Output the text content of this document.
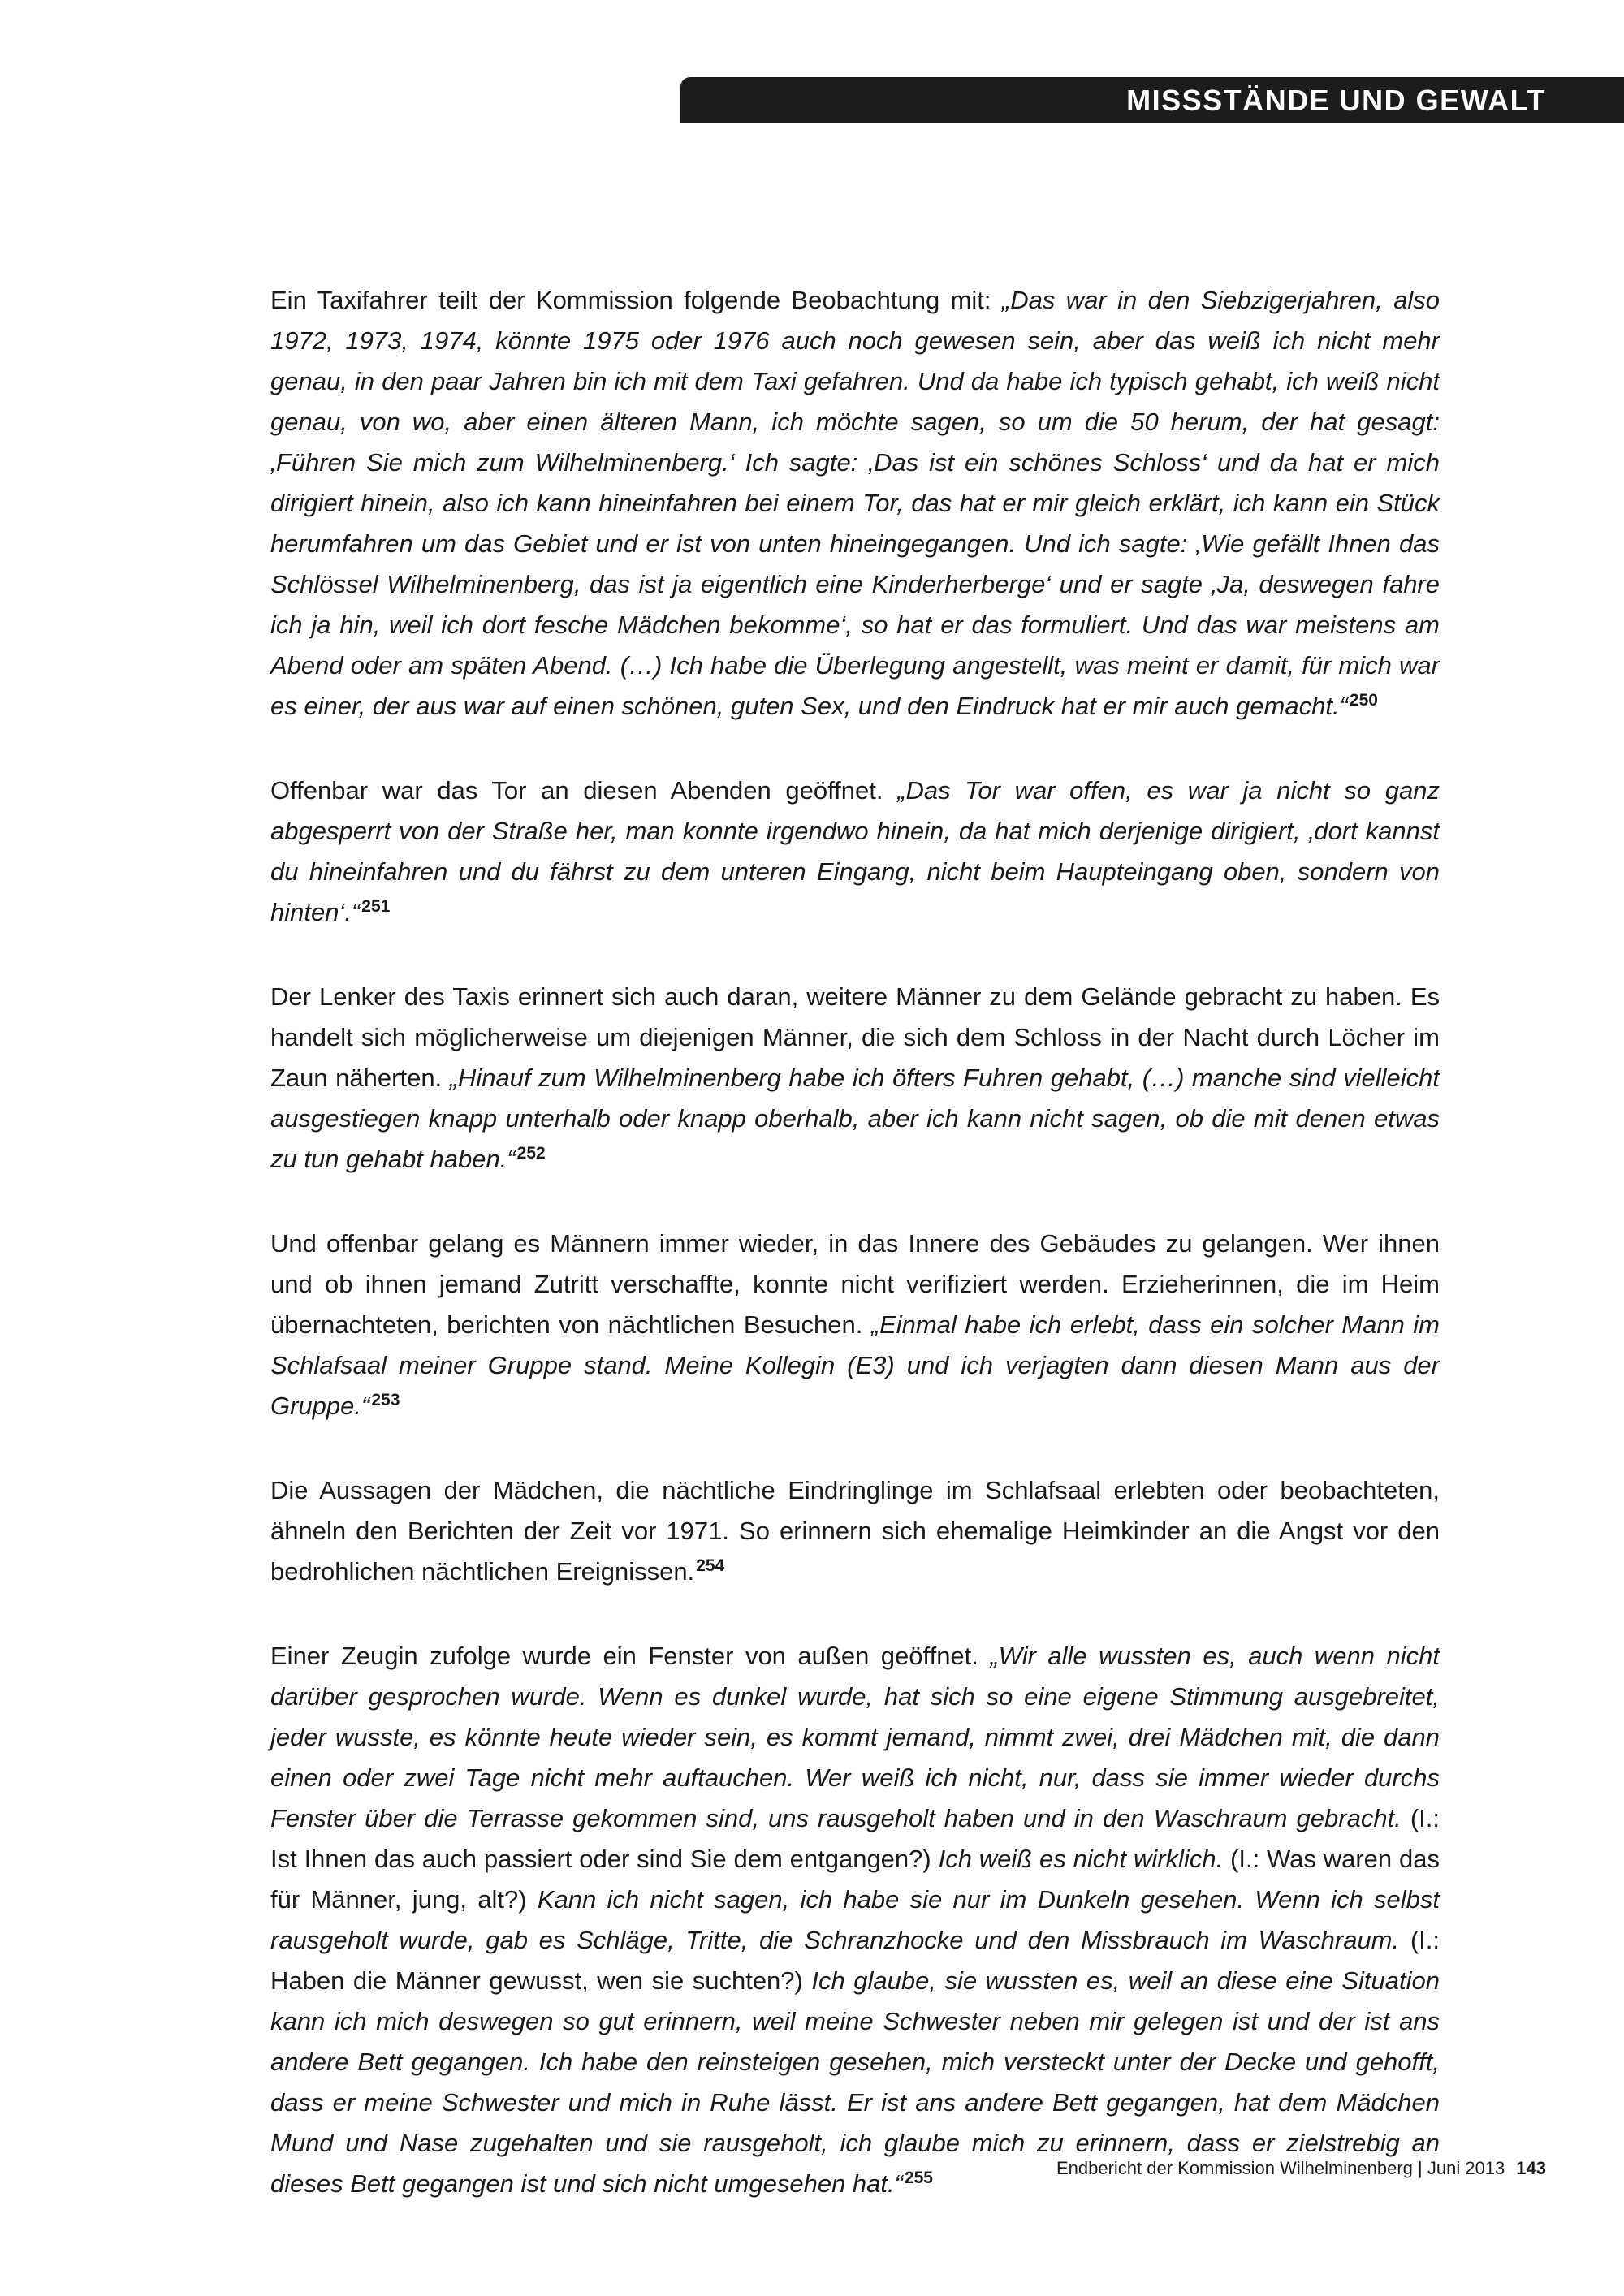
MISSSTÄNDE UND GEWALT

Ein Taxifahrer teilt der Kommission folgende Beobachtung mit: „Das war in den Siebzigerjahren, also 1972, 1973, 1974, könnte 1975 oder 1976 auch noch gewesen sein, aber das weiß ich nicht mehr genau, in den paar Jahren bin ich mit dem Taxi gefahren. Und da habe ich typisch gehabt, ich weiß nicht genau, von wo, aber einen älteren Mann, ich möchte sagen, so um die 50 herum, der hat gesagt: ‚Führen Sie mich zum Wilhelminenberg.‘ Ich sagte: ‚Das ist ein schönes Schloss‘ und da hat er mich dirigiert hinein, also ich kann hineinfahren bei einem Tor, das hat er mir gleich erklärt, ich kann ein Stück herumfahren um das Gebiet und er ist von unten hineingegangen. Und ich sagte: ‚Wie gefällt Ihnen das Schlössel Wilhelminenberg, das ist ja eigentlich eine Kinderherberge‘ und er sagte ‚Ja, deswegen fahre ich ja hin, weil ich dort fesche Mädchen bekomme‘, so hat er das formuliert. Und das war meistens am Abend oder am späten Abend. (…) Ich habe die Überlegung angestellt, was meint er damit, für mich war es einer, der aus war auf einen schönen, guten Sex, und den Eindruck hat er mir auch gemacht.“$^{250}$

Offenbar war das Tor an diesen Abenden geöffnet. „Das Tor war offen, es war ja nicht so ganz abgesperrt von der Straße her, man konnte irgendwo hinein, da hat mich derjenige dirigiert, ‚dort kannst du hineinfahren und du fährst zu dem unteren Eingang, nicht beim Haupteingang oben, sondern von hinten‘.“$^{251}$

Der Lenker des Taxis erinnert sich auch daran, weitere Männer zu dem Gelände gebracht zu haben. Es handelt sich möglicherweise um diejenigen Männer, die sich dem Schloss in der Nacht durch Löcher im Zaun näherten. „Hinauf zum Wilhelminenberg habe ich öfters Fuhren gehabt, (…) manche sind vielleicht ausgestiegen knapp unterhalb oder knapp oberhalb, aber ich kann nicht sagen, ob die mit denen etwas zu tun gehabt haben.“$^{252}$

Und offenbar gelang es Männern immer wieder, in das Innere des Gebäudes zu gelangen. Wer ihnen und ob ihnen jemand Zutritt verschaffte, konnte nicht verifiziert werden. Erzieherinnen, die im Heim übernachteten, berichten von nächtlichen Besuchen. „Einmal habe ich erlebt, dass ein solcher Mann im Schlafsaal meiner Gruppe stand. Meine Kollegin (E3) und ich verjagten dann diesen Mann aus der Gruppe.“$^{253}$

Die Aussagen der Mädchen, die nächtliche Eindringlinge im Schlafsaal erlebten oder beobachteten, ähneln den Berichten der Zeit vor 1971. So erinnern sich ehemalige Heimkinder an die Angst vor den bedrohlichen nächtlichen Ereignissen.$^{254}$

Einer Zeugin zufolge wurde ein Fenster von außen geöffnet. „Wir alle wussten es, auch wenn nicht darüber gesprochen wurde. Wenn es dunkel wurde, hat sich so eine eigene Stimmung ausgebreitet, jeder wusste, es könnte heute wieder sein, es kommt jemand, nimmt zwei, drei Mädchen mit, die dann einen oder zwei Tage nicht mehr auftauchen. Wer weiß ich nicht, nur, dass sie immer wieder durchs Fenster über die Terrasse gekommen sind, uns rausgeholt haben und in den Waschraum gebracht. (I.: Ist Ihnen das auch passiert oder sind Sie dem entgangen?) Ich weiß es nicht wirklich. (I.: Was waren das für Männer, jung, alt?) Kann ich nicht sagen, ich habe sie nur im Dunkeln gesehen. Wenn ich selbst rausgeholt wurde, gab es Schläge, Tritte, die Schranzhocke und den Missbrauch im Waschraum. (I.: Haben die Männer gewusst, wen sie suchten?) Ich glaube, sie wussten es, weil an diese eine Situation kann ich mich deswegen so gut erinnern, weil meine Schwester neben mir gelegen ist und der ist ans andere Bett gegangen. Ich habe den reinsteigen gesehen, mich versteckt unter der Decke und gehofft, dass er meine Schwester und mich in Ruhe lässt. Er ist ans andere Bett gegangen, hat dem Mädchen Mund und Nase zugehalten und sie rausgeholt, ich glaube mich zu erinnern, dass er zielstrebig an dieses Bett gegangen ist und sich nicht umgesehen hat.“$^{255}$	Endbericht der Kommission Wilhelminenberg | Juni 2013 143
